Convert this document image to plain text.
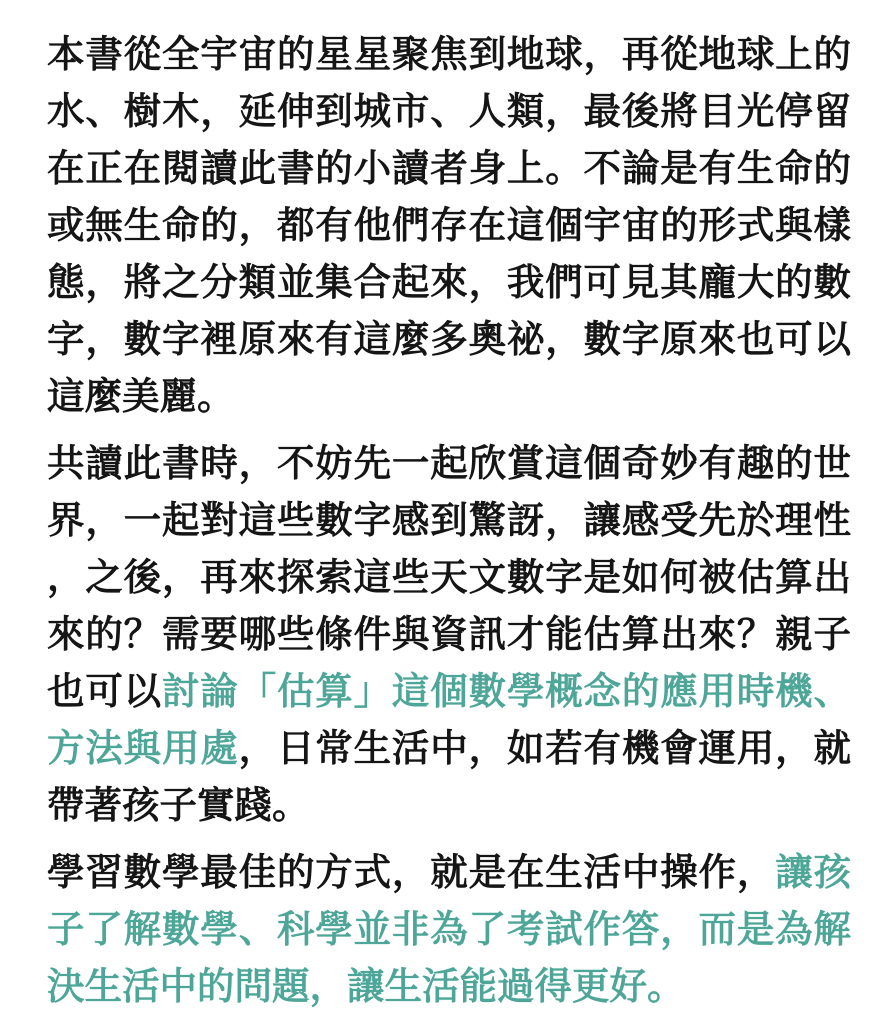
本書從全宇宙的星星聚焦到地球，再從地球上的水、樹木，延伸到城市、人類，最後將目光停留在正在閱讀此書的小讀者身上。不論是有生命的或無生命的，都有他們存在這個宇宙的形式與樣態，將之分類並集合起來，我們可見其龐大的數字，數字裡原來有這麼多奧祕，數字原來也可以這麼美麗。

共讀此書時，不妨先一起欣賞這個奇妙有趣的世界，一起對這些數字感到驚訝，讓感受先於理性，之後，再來探索這些天文數字是如何被估算出來的？需要哪些條件與資訊才能估算出來？親子也可以討論「估算」這個數學概念的應用時機、方法與用處，日常生活中，如若有機會運用，就帶著孩子實踐。

學習數學最佳的方式，就是在生活中操作，讓孩子了解數學、科學並非為了考試作答，而是為解決生活中的問題，讓生活能過得更好。
